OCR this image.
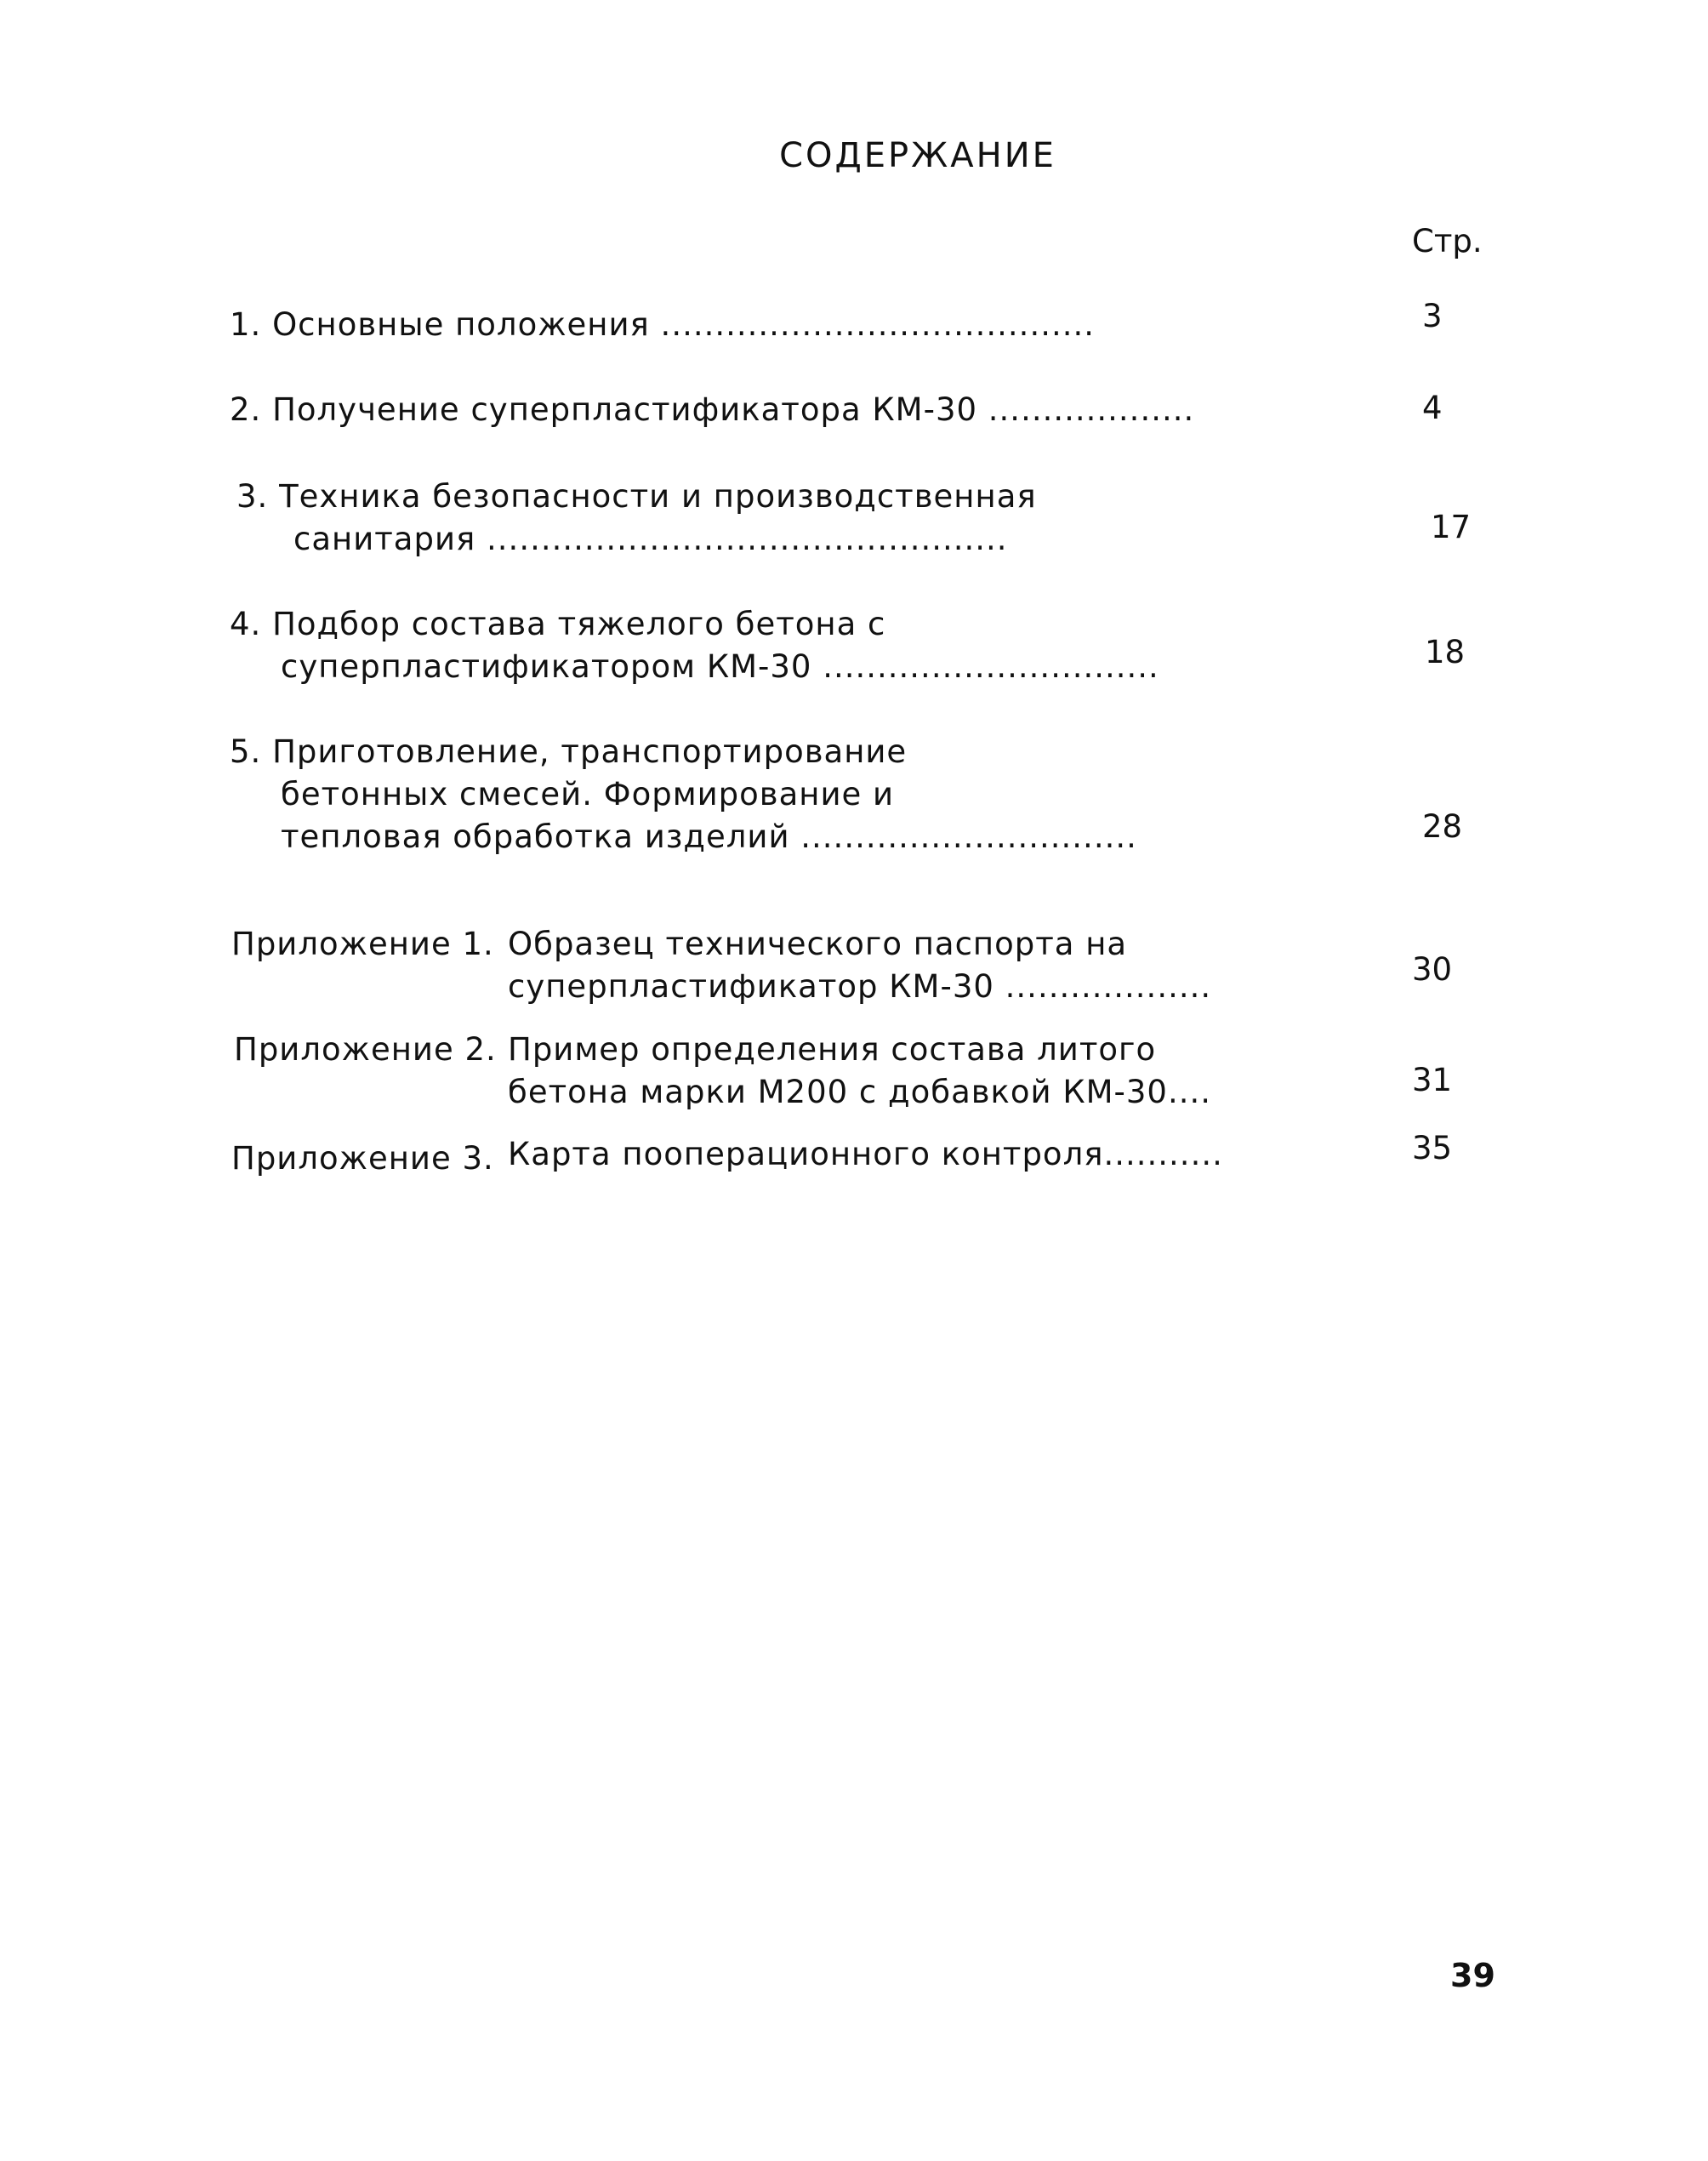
СОДЕРЖАНИЕ
Стр.
1. Основные положения ........................................	3
2. Получение суперпластификатора КМ-30 ...................	4
3. Техника безопасности и производственная
санитария ................................................	17
4. Подбор состава тяжелого бетона с
суперпластификатором КМ-30 ...............................	18
5. Приготовление, транспортирование
бетонных смесей. Формирование и
тепловая обработка изделий ...............................	28
Приложение 1. Образец технического паспорта на
суперпластификатор КМ-30 ...................	30
Приложение 2. Пример определения состава литого
бетона марки М200 с добавкой КМ-30....	31
Приложение 3. Карта пооперационного контроля...........	35
39
